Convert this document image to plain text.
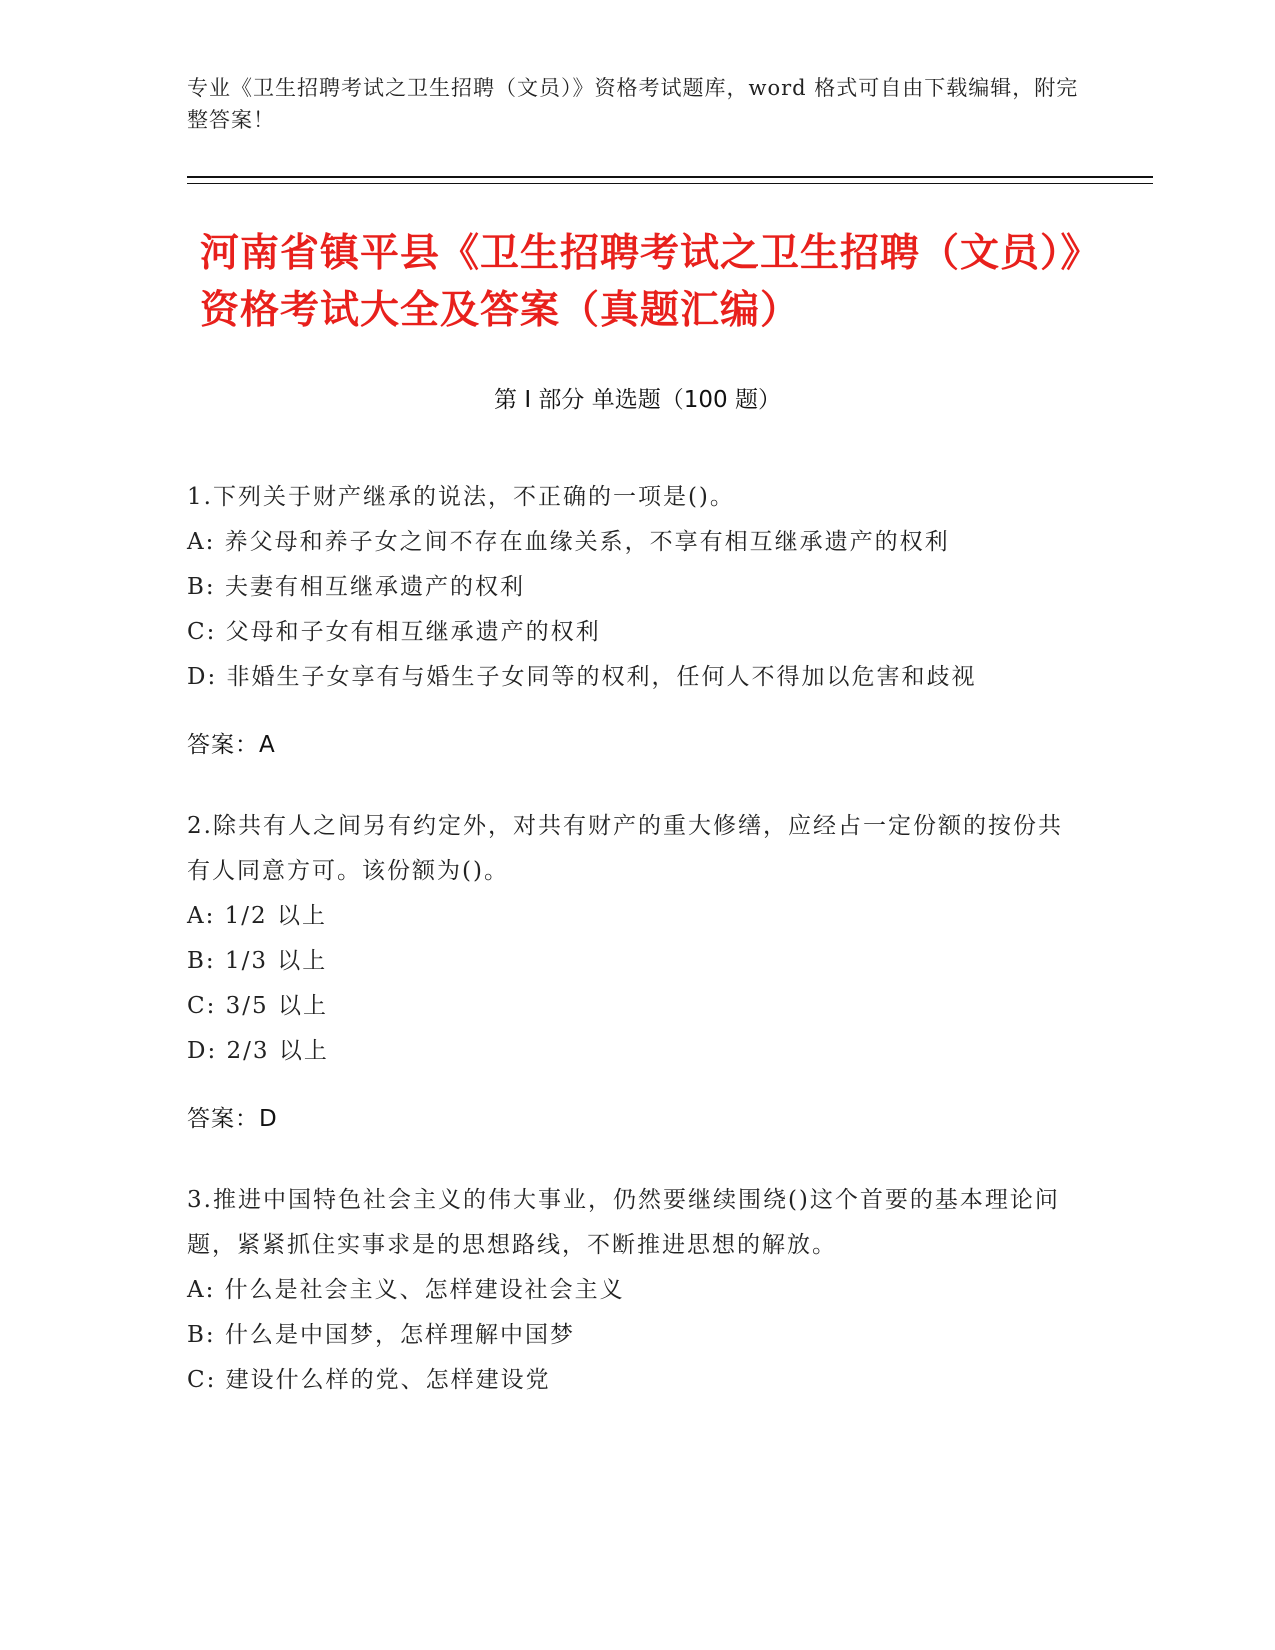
专业《卫生招聘考试之卫生招聘（文员）》资格考试题库，word 格式可自由下载编辑，附完整答案！
河南省镇平县《卫生招聘考试之卫生招聘（文员）》资格考试大全及答案（真题汇编）
第 I 部分 单选题（100 题）

1.下列关于财产继承的说法，不正确的一项是()。

A: 养父母和养子女之间不存在血缘关系，不享有相互继承遗产的权利

B: 夫妻有相互继承遗产的权利

C: 父母和子女有相互继承遗产的权利

D: 非婚生子女享有与婚生子女同等的权利，任何人不得加以危害和歧视

答案：A

2.除共有人之间另有约定外，对共有财产的重大修缮，应经占一定份额的按份共有人同意方可。该份额为()。

A: 1/2 以上

B: 1/3 以上

C: 3/5 以上

D: 2/3 以上

答案：D

3.推进中国特色社会主义的伟大事业，仍然要继续围绕()这个首要的基本理论问题，紧紧抓住实事求是的思想路线，不断推进思想的解放。

A: 什么是社会主义、怎样建设社会主义

B: 什么是中国梦，怎样理解中国梦

C: 建设什么样的党、怎样建设党
